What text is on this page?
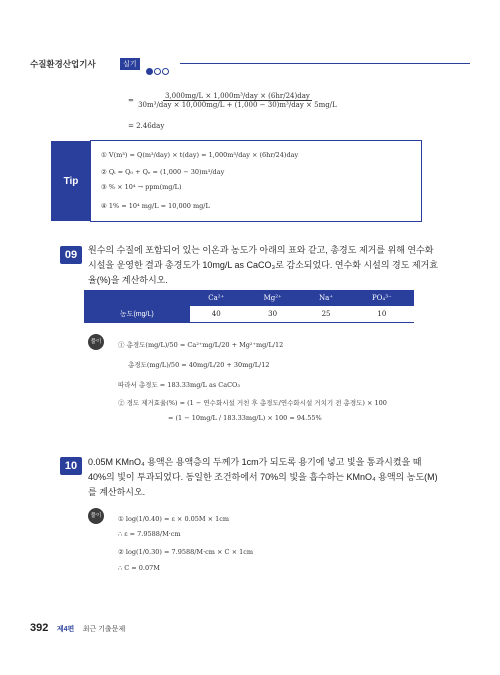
수질환경산업기사	실기
= $\frac{\text{3,000mg/L × 1,000m³/day × (6hr/24)day}}{\text{30m³/day × 10,000mg/L + (1,000 − 30)m³/day × 5mg/L}}$
= 2.46day
Tip
① V(m³) = Q(m³/day) × t(day) = 1,000m³/day × (6hr/24)day
② Qᵢ = Q₀ + Qₑ = (1,000 − 30)m³/day
③ % × 10⁴ → ppm(mg/L)
④ 1% = 10⁴ mg/L = 10,000 mg/L
09	원수의 수질에 포함되어 있는 이온과 농도가 아래의 표와 같고, 총경도 제거를 위해 연수화 시설을 운영한 결과 총경도가 10mg/L as CaCO₃로 감소되었다. 연수화 시설의 경도 제거효율(%)을 계산하시오.
	Ca²⁺	Mg²⁺	Na⁺	PO₄³⁻
농도(mg/L)	40	30	25	10
풀이	① 총경도(mg/L)/50 = Ca²⁺mg/L/20 + Mg²⁺mg/L/12
총경도(mg/L)/50 = 40mg/L/20 + 30mg/L/12
따라서 총경도 = 183.33mg/L as CaCO₃
② 경도 제거효율(%) = (1 − 연수화시설 거친 후 총경도/연수화시설 거치기 전 총경도) × 100
= (1 − 10mg/L / 183.33mg/L) × 100 = 94.55%
10	0.05M KMnO₄ 용액은 용액층의 두께가 1cm가 되도록 용기에 넣고 빛을 통과시켰을 때 40%의 빛이 투과되었다. 동일한 조건하에서 70%의 빛을 흡수하는 KMnO₄ 용액의 농도(M)를 계산하시오.
풀이	① log(1/0.40) = ε × 0.05M × 1cm
∴ ε = 7.9588/M·cm
② log(1/0.30) = 7.9588/M·cm × C × 1cm
∴ C = 0.07M
392 제4편 최근 기출문제
